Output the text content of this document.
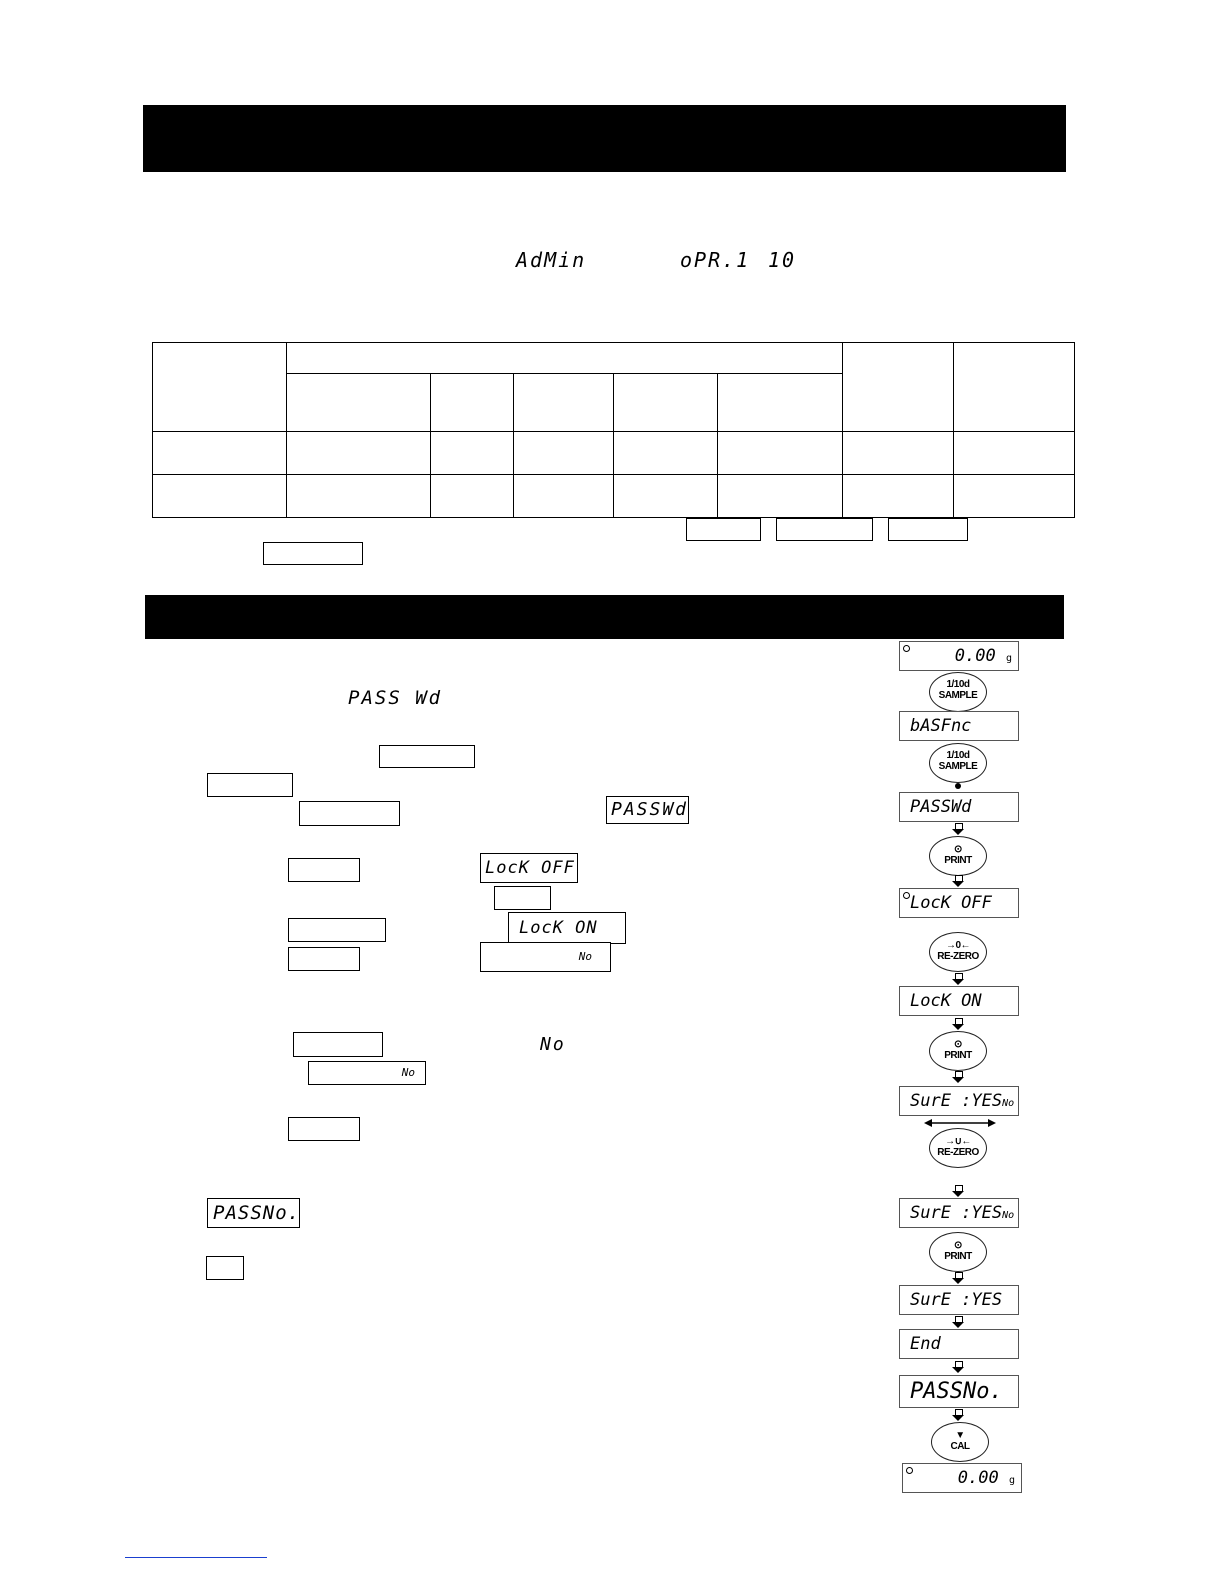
AdMin	oPR.1 10

PASS Wd
PASSWd
LocK OFF
LocK ON
No
No
No
PASSNo.
0.00 g
1/10d
SAMPLE
bASFnc
1/10d
SAMPLE
PASSWd
⊙
PRINT
LocK OFF
→0←
RE-ZERO
LocK ON
⊙
PRINT
SurE :YESNo
→∪←
RE-ZERO
SurE :YESNo
⊙
PRINT
SurE :YES
End
PASSNo.
▼
CAL
0.00 g
